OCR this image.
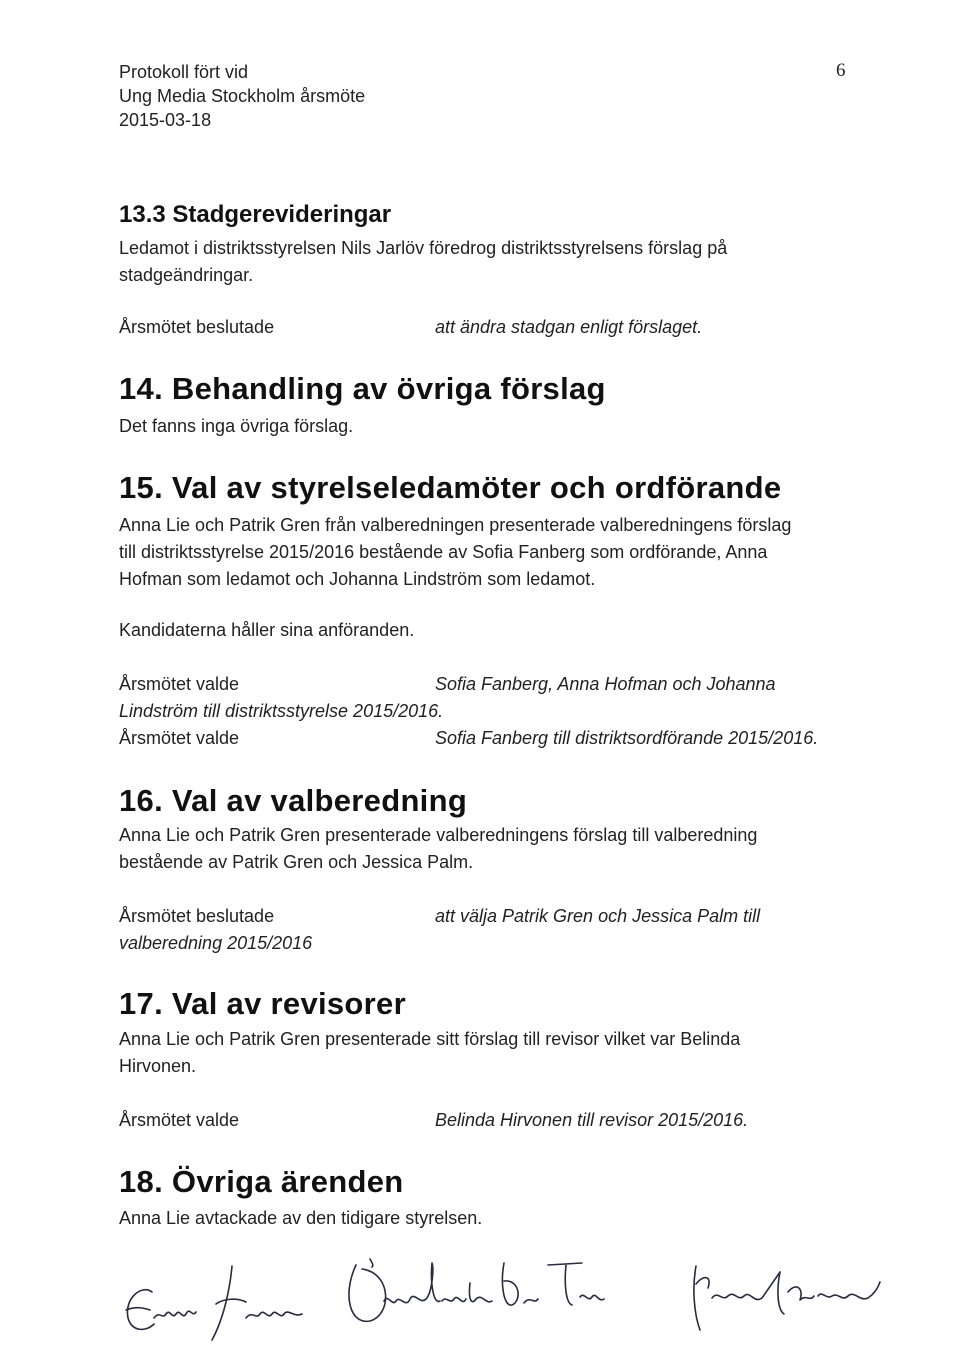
Protokoll fört vid
Ung Media Stockholm årsmöte
2015-03-18
6
13.3 Stadgerevideringar
Ledamot i distriktsstyrelsen Nils Jarlöv föredrog distriktsstyrelsens förslag på
stadgeändringar.
Årsmötet beslutade	att ändra stadgan enligt förslaget.
14. Behandling av övriga förslag
Det fanns inga övriga förslag.
15. Val av styrelseledamöter och ordförande
Anna Lie och Patrik Gren från valberedningen presenterade valberedningens förslag
till distriktsstyrelse 2015/2016 bestående av Sofia Fanberg som ordförande, Anna
Hofman som ledamot och Johanna Lindström som ledamot.
Kandidaterna håller sina anföranden.
Årsmötet valde	Sofia Fanberg, Anna Hofman och Johanna
Lindström till distriktsstyrelse 2015/2016.
Årsmötet valde	Sofia Fanberg till distriktsordförande 2015/2016.
16. Val av valberedning
Anna Lie och Patrik Gren presenterade valberedningens förslag till valberedning
bestående av Patrik Gren och Jessica Palm.
Årsmötet beslutade	att välja Patrik Gren och Jessica Palm till
valberedning 2015/2016
17. Val av revisorer
Anna Lie och Patrik Gren presenterade sitt förslag till revisor vilket var Belinda
Hirvonen.
Årsmötet valde	Belinda Hirvonen till revisor 2015/2016.
18. Övriga ärenden
Anna Lie avtackade av den tidigare styrelsen.
